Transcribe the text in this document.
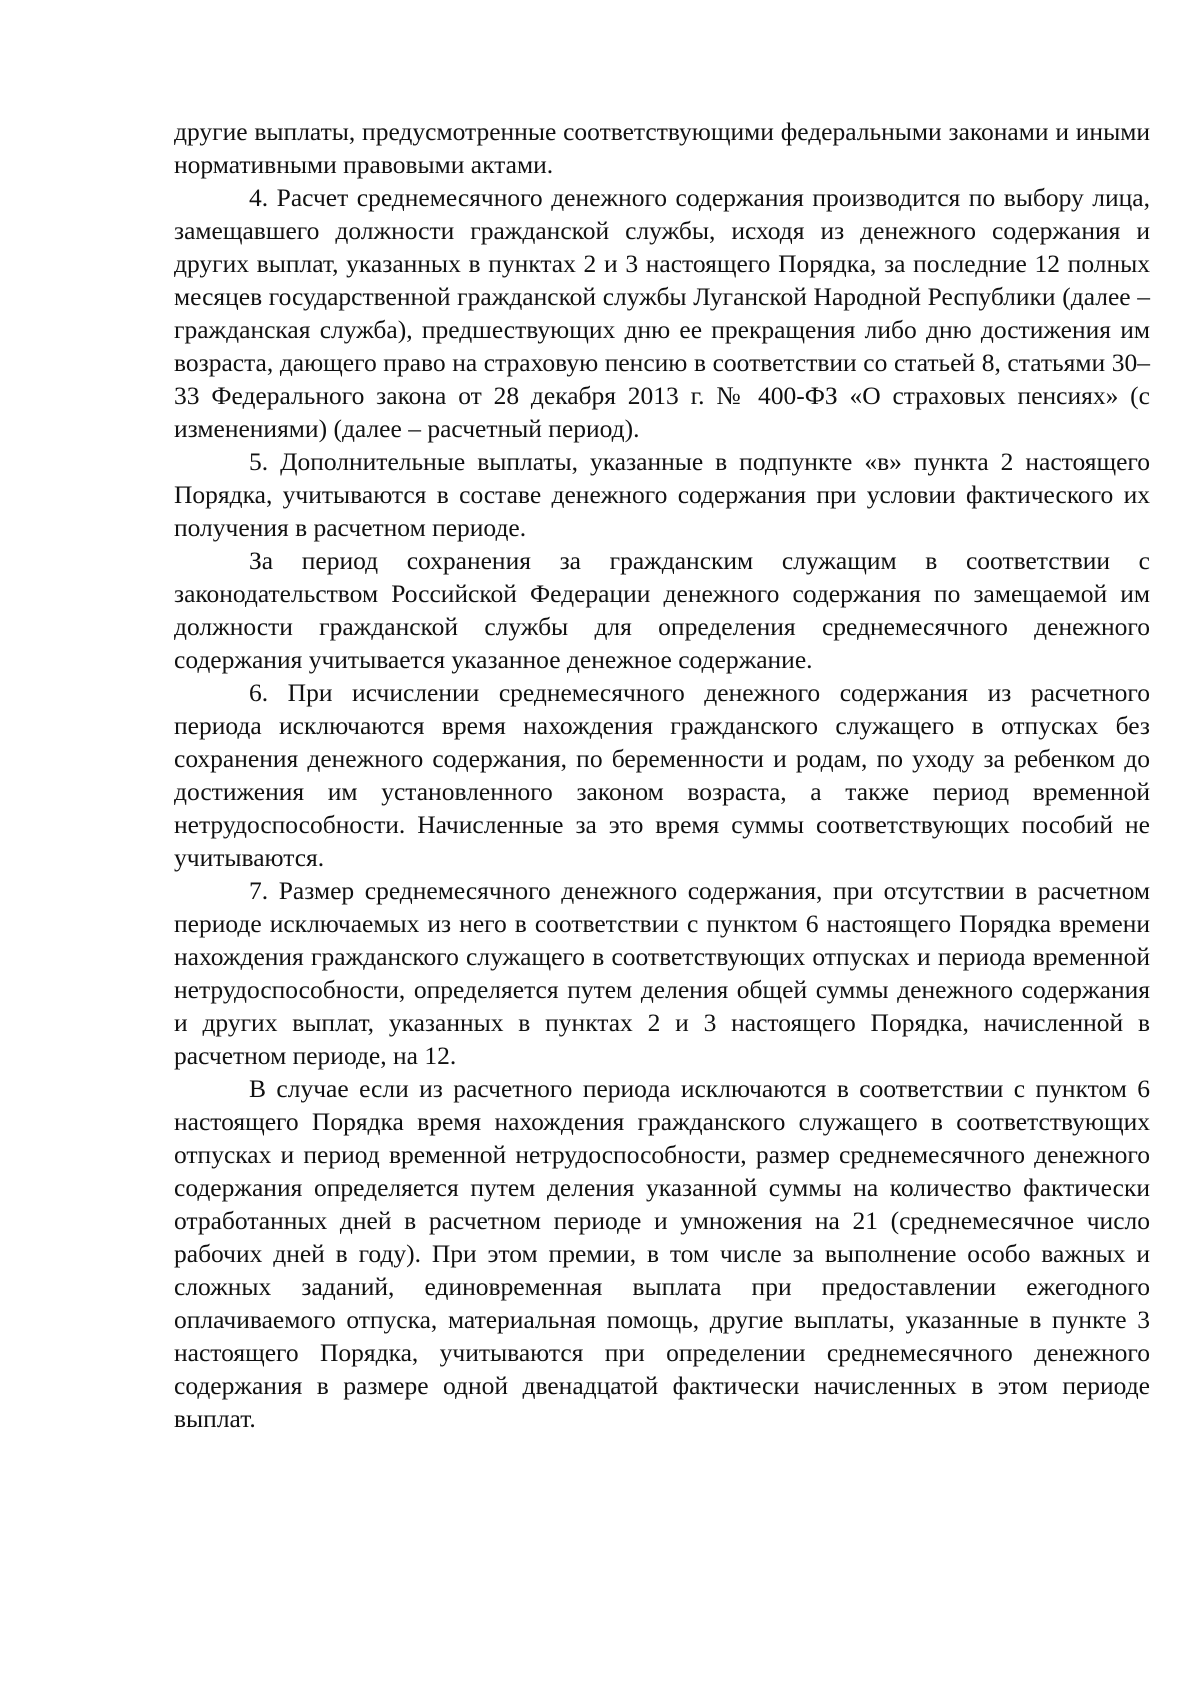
другие выплаты, предусмотренные соответствующими федеральными законами и иными нормативными правовыми актами.

4. Расчет среднемесячного денежного содержания производится по выбору лица, замещавшего должности гражданской службы, исходя из денежного содержания и других выплат, указанных в пунктах 2 и 3 настоящего Порядка, за последние 12 полных месяцев государственной гражданской службы Луганской Народной Республики (далее – гражданская служба), предшествующих дню ее прекращения либо дню достижения им возраста, дающего право на страховую пенсию в соответствии со статьей 8, статьями 30–33 Федерального закона от 28 декабря 2013 г. № 400-ФЗ «О страховых пенсиях» (с изменениями) (далее – расчетный период).

5. Дополнительные выплаты, указанные в подпункте «в» пункта 2 настоящего Порядка, учитываются в составе денежного содержания при условии фактического их получения в расчетном периоде.

За период сохранения за гражданским служащим в соответствии с законодательством Российской Федерации денежного содержания по замещаемой им должности гражданской службы для определения среднемесячного денежного содержания учитывается указанное денежное содержание.

6. При исчислении среднемесячного денежного содержания из расчетного периода исключаются время нахождения гражданского служащего в отпусках без сохранения денежного содержания, по беременности и родам, по уходу за ребенком до достижения им установленного законом возраста, а также период временной нетрудоспособности. Начисленные за это время суммы соответствующих пособий не учитываются.

7. Размер среднемесячного денежного содержания, при отсутствии в расчетном периоде исключаемых из него в соответствии с пунктом 6 настоящего Порядка времени нахождения гражданского служащего в соответствующих отпусках и периода временной нетрудоспособности, определяется путем деления общей суммы денежного содержания и других выплат, указанных в пунктах 2 и 3 настоящего Порядка, начисленной в расчетном периоде, на 12.

В случае если из расчетного периода исключаются в соответствии с пунктом 6 настоящего Порядка время нахождения гражданского служащего в соответствующих отпусках и период временной нетрудоспособности, размер среднемесячного денежного содержания определяется путем деления указанной суммы на количество фактически отработанных дней в расчетном периоде и умножения на 21 (среднемесячное число рабочих дней в году). При этом премии, в том числе за выполнение особо важных и сложных заданий, единовременная выплата при предоставлении ежегодного оплачиваемого отпуска, материальная помощь, другие выплаты, указанные в пункте 3 настоящего Порядка, учитываются при определении среднемесячного денежного содержания в размере одной двенадцатой фактически начисленных в этом периоде выплат.
